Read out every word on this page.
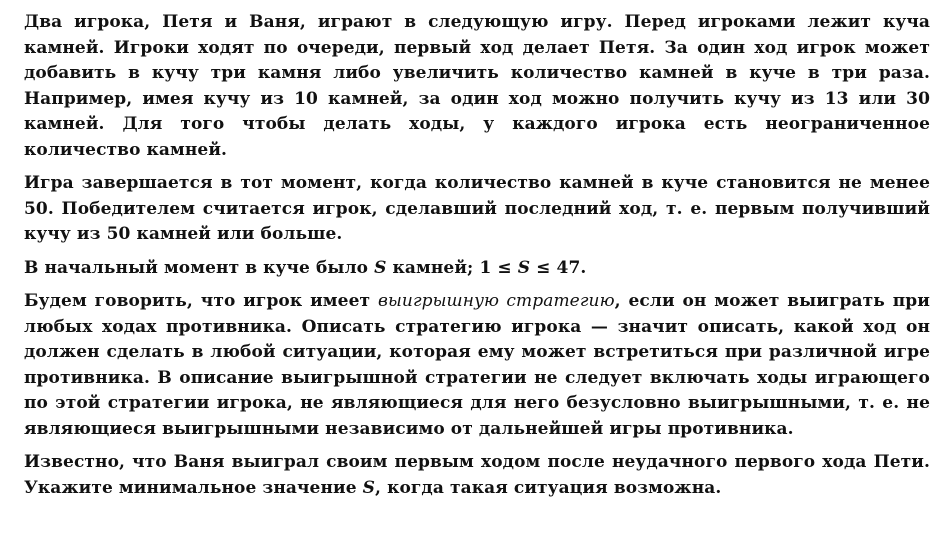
Два игрока, Петя и Ваня, играют в следующую игру. Перед игроками лежит куча камней. Игроки ходят по очереди, первый ход делает Петя. За один ход игрок может добавить в кучу три камня либо увеличить количество камней в куче в три раза. Например, имея кучу из 10 камней, за один ход можно получить кучу из 13 или 30 камней. Для того чтобы делать ходы, у каждого игрока есть неограниченное количество камней.

Игра завершается в тот момент, когда количество камней в куче становится не менее 50. Победителем считается игрок, сделавший последний ход, т. е. первым получивший кучу из 50 камней или больше.

В начальный момент в куче было S камней; 1 ≤ S ≤ 47.

Будем говорить, что игрок имеет выигрышную стратегию, если он может выиграть при любых ходах противника. Описать стратегию игрока — значит описать, какой ход он должен сделать в любой ситуации, которая ему может встретиться при различной игре противника. В описание выигрышной стратегии не следует включать ходы играющего по этой стратегии игрока, не являющиеся для него безусловно выигрышными, т. е. не являющиеся выигрышными независимо от дальнейшей игры противника.

Известно, что Ваня выиграл своим первым ходом после неудачного первого хода Пети. Укажите минимальное значение S, когда такая ситуация возможна.
